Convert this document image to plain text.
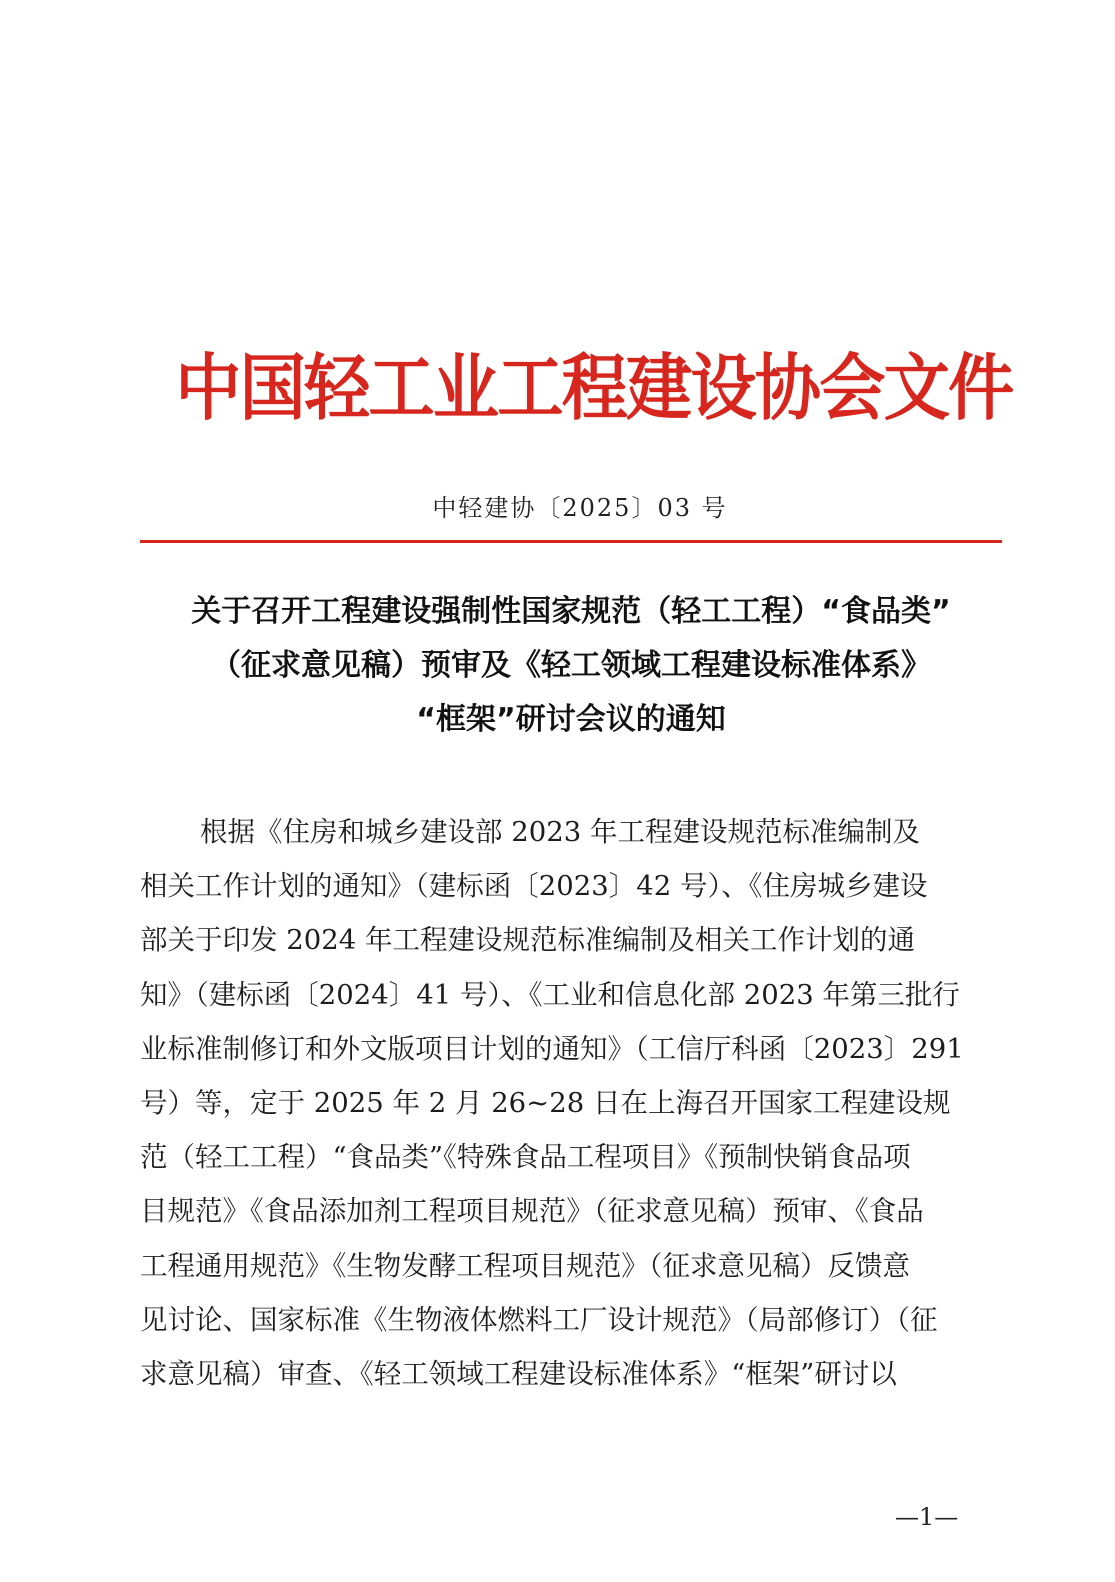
中国轻工业工程建设协会文件
中轻建协〔2025〕03 号
关于召开工程建设强制性国家规范（轻工工程）“食品类”
（征求意见稿）预审及《轻工领域工程建设标准体系》
“框架”研讨会议的通知
根据《住房和城乡建设部 2023 年工程建设规范标准编制及
相关工作计划的通知》（建标函〔2023〕42 号）、《住房城乡建设
部关于印发 2024 年工程建设规范标准编制及相关工作计划的通
知》（建标函〔2024〕41 号）、《工业和信息化部 2023 年第三批行
业标准制修订和外文版项目计划的通知》（工信厅科函〔2023〕291
号）等，定于 2025 年 2 月 26~28 日在上海召开国家工程建设规
范（轻工工程）“食品类”《特殊食品工程项目》《预制快销食品项
目规范》《食品添加剂工程项目规范》（征求意见稿）预审、《食品
工程通用规范》《生物发酵工程项目规范》（征求意见稿）反馈意
见讨论、国家标准《生物液体燃料工厂设计规范》（局部修订）（征
求意见稿）审查、《轻工领域工程建设标准体系》“框架”研讨以
—1—
